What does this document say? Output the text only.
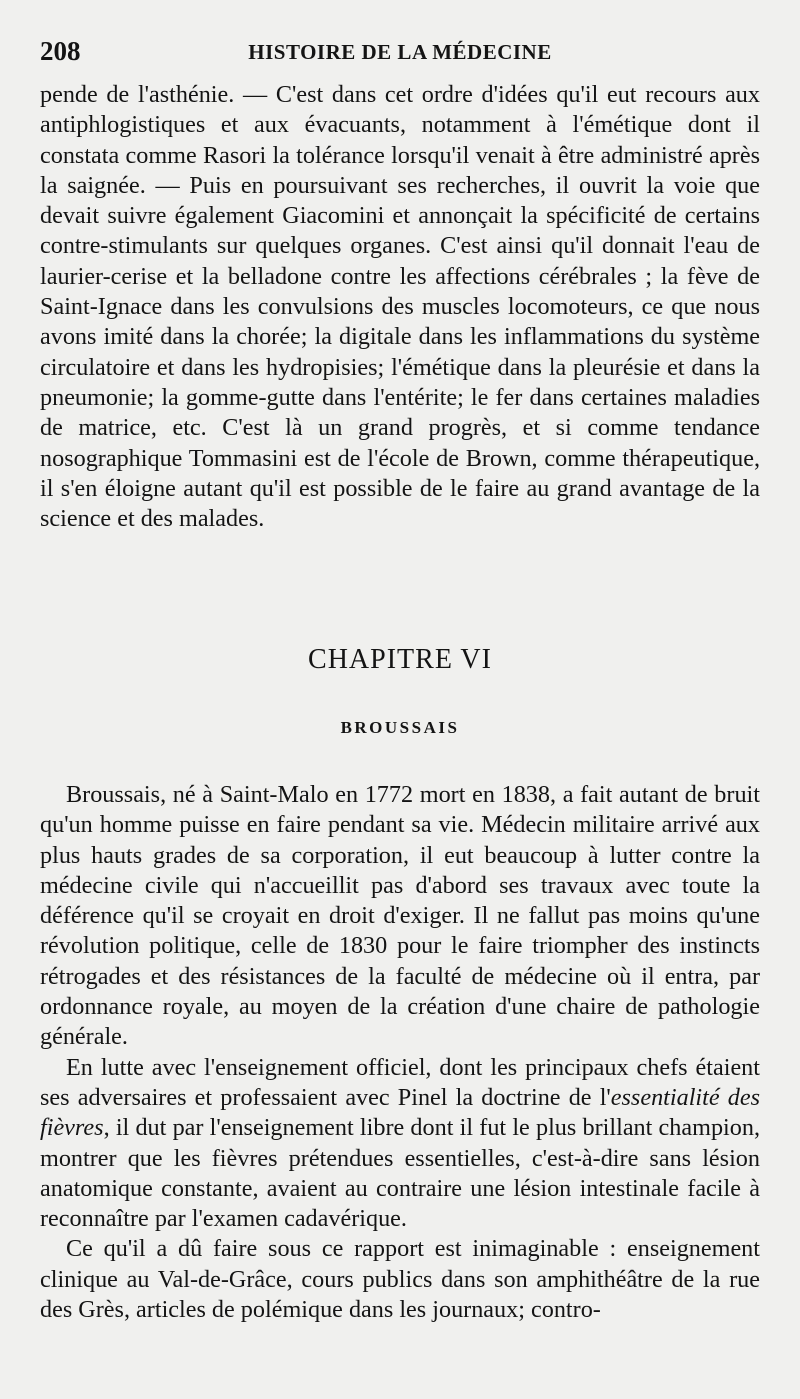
208	HISTOIRE DE LA MÉDECINE

pende de l'asthénie. — C'est dans cet ordre d'idées qu'il eut recours aux antiphlogistiques et aux évacuants, notamment à l'émétique dont il constata comme Rasori la tolérance lorsqu'il venait à être administré après la saignée. — Puis en poursuivant ses recherches, il ouvrit la voie que devait suivre également Giacomini et annonçait la spécificité de certains contre-stimulants sur quelques organes. C'est ainsi qu'il donnait l'eau de laurier-cerise et la belladone contre les affections cérébrales ; la fève de Saint-Ignace dans les convulsions des muscles locomoteurs, ce que nous avons imité dans la chorée; la digitale dans les inflammations du système circulatoire et dans les hydropisies; l'émétique dans la pleurésie et dans la pneumonie; la gomme-gutte dans l'entérite; le fer dans certaines maladies de matrice, etc. C'est là un grand progrès, et si comme tendance nosographique Tommasini est de l'école de Brown, comme thérapeutique, il s'en éloigne autant qu'il est possible de le faire au grand avantage de la science et des malades.

CHAPITRE VI
BROUSSAIS

Broussais, né à Saint-Malo en 1772 mort en 1838, a fait autant de bruit qu'un homme puisse en faire pendant sa vie. Médecin militaire arrivé aux plus hauts grades de sa corporation, il eut beaucoup à lutter contre la médecine civile qui n'accueillit pas d'abord ses travaux avec toute la déférence qu'il se croyait en droit d'exiger. Il ne fallut pas moins qu'une révolution politique, celle de 1830 pour le faire triompher des instincts rétrogades et des résistances de la faculté de médecine où il entra, par ordonnance royale, au moyen de la création d'une chaire de pathologie générale.

En lutte avec l'enseignement officiel, dont les principaux chefs étaient ses adversaires et professaient avec Pinel la doctrine de l'essentialité des fièvres, il dut par l'enseignement libre dont il fut le plus brillant champion, montrer que les fièvres prétendues essentielles, c'est-à-dire sans lésion anatomique constante, avaient au contraire une lésion intestinale facile à reconnaître par l'examen cadavérique.

Ce qu'il a dû faire sous ce rapport est inimaginable : enseignement clinique au Val-de-Grâce, cours publics dans son amphithéâtre de la rue des Grès, articles de polémique dans les journaux; contro-
